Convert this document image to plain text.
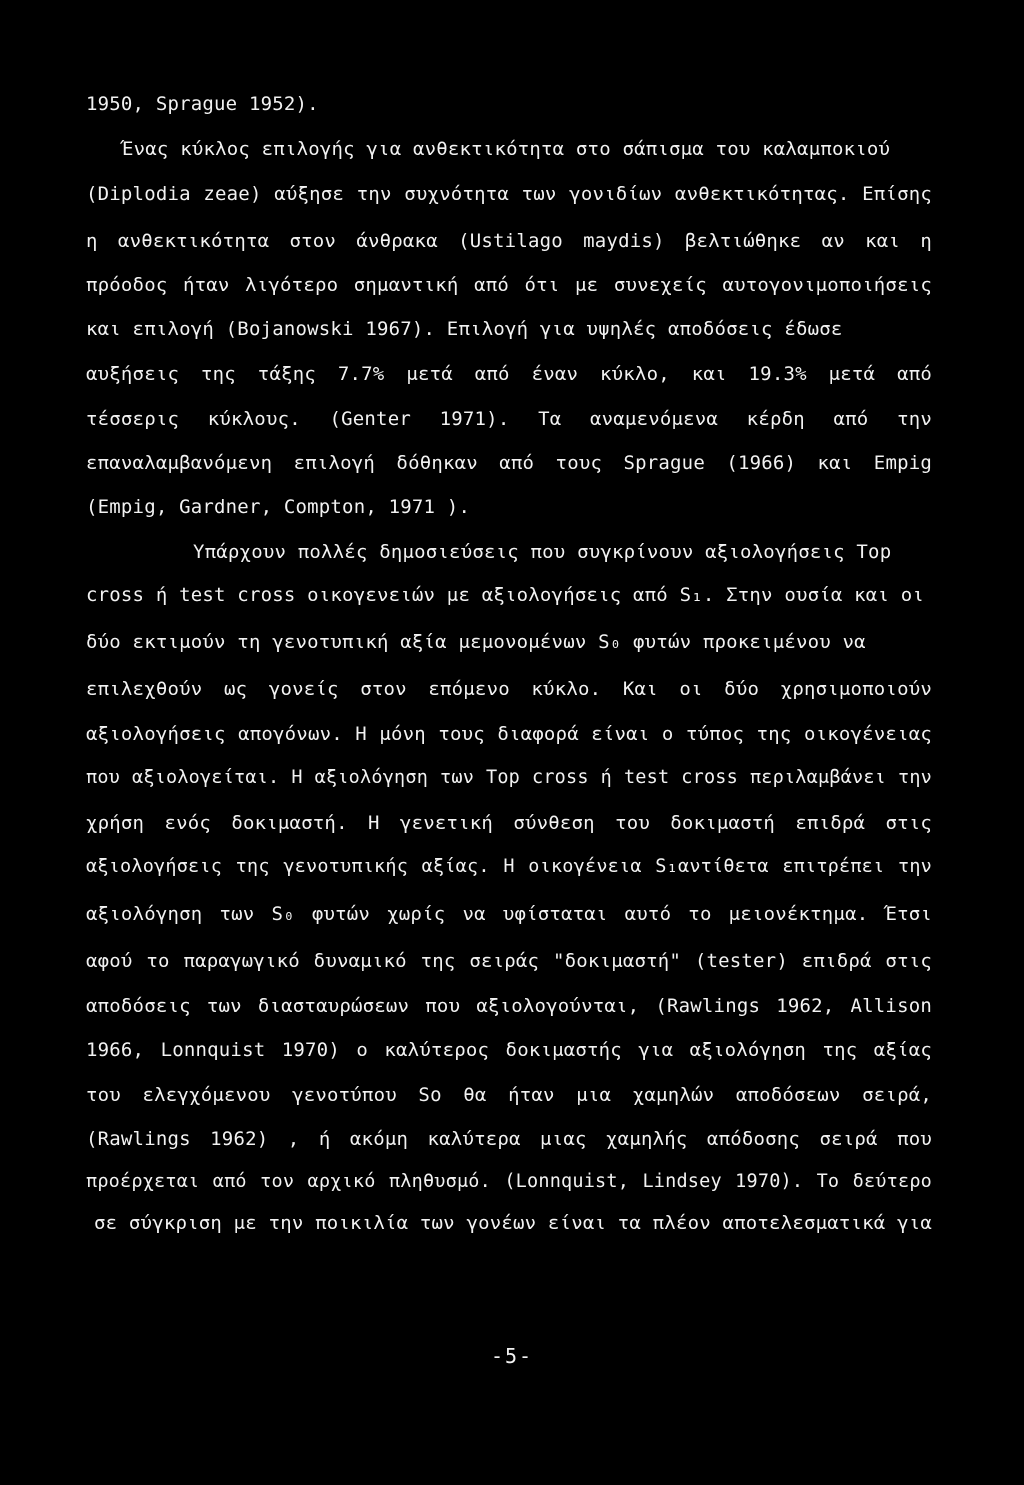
1950, Sprague 1952).
Ένας κύκλος επιλογής για ανθεκτικότητα στο σάπισμα του καλαμποκιού
(Diplodia zeae) αύξησε την συχνότητα των γονιδίων ανθεκτικότητας. Επίσης
η ανθεκτικότητα στον άνθρακα (Ustilago maydis) βελτιώθηκε αν και η
πρόοδος ήταν λιγότερο σημαντική από ότι με συνεχείς αυτογονιμοποιήσεις
και επιλογή (Bojanowski 1967). Επιλογή για υψηλές αποδόσεις έδωσε
αυξήσεις της τάξης 7.7% μετά από έναν κύκλο, και 19.3% μετά από
τέσσερις κύκλους. (Genter 1971). Τα αναμενόμενα κέρδη από την
επαναλαμβανόμενη επιλογή δόθηκαν από τους Sprague (1966) και Empig
(Empig, Gardner, Compton, 1971 ).
Υπάρχουν πολλές δημοσιεύσεις που συγκρίνουν αξιολογήσεις Top
cross ή test cross οικογενειών με αξιολογήσεις από S₁. Στην ουσία και οι
δύο εκτιμούν τη γενοτυπική αξία μεμονομένων S₀ φυτών προκειμένου να
επιλεχθούν ως γονείς στον επόμενο κύκλο. Και οι δύο χρησιμοποιούν
αξιολογήσεις απογόνων. Η μόνη τους διαφορά είναι ο τύπος της οικογένειας
που αξιολογείται. Η αξιολόγηση των Top cross ή test cross περιλαμβάνει την
χρήση ενός δοκιμαστή. Η γενετική σύνθεση του δοκιμαστή επιδρά στις
αξιολογήσεις της γενοτυπικής αξίας. Η οικογένεια S₁αντίθετα επιτρέπει την
αξιολόγηση των S₀ φυτών χωρίς να υφίσταται αυτό το μειονέκτημα. Έτσι
αφού το παραγωγικό δυναμικό της σειράς "δοκιμαστή" (tester) επιδρά στις
αποδόσεις των διασταυρώσεων που αξιολογούνται, (Rawlings 1962, Allison
1966, Lonnquist 1970) ο καλύτερος δοκιμαστής για αξιολόγηση της αξίας
του ελεγχόμενου γενοτύπου So θα ήταν μια χαμηλών αποδόσεων σειρά,
(Rawlings 1962) , ή ακόμη καλύτερα μιας χαμηλής απόδοσης σειρά που
προέρχεται από τον αρχικό πληθυσμό. (Lonnquist, Lindsey 1970). Το δεύτερο
σε σύγκριση με την ποικιλία των γονέων είναι τα πλέον αποτελεσματικά για
-5-
